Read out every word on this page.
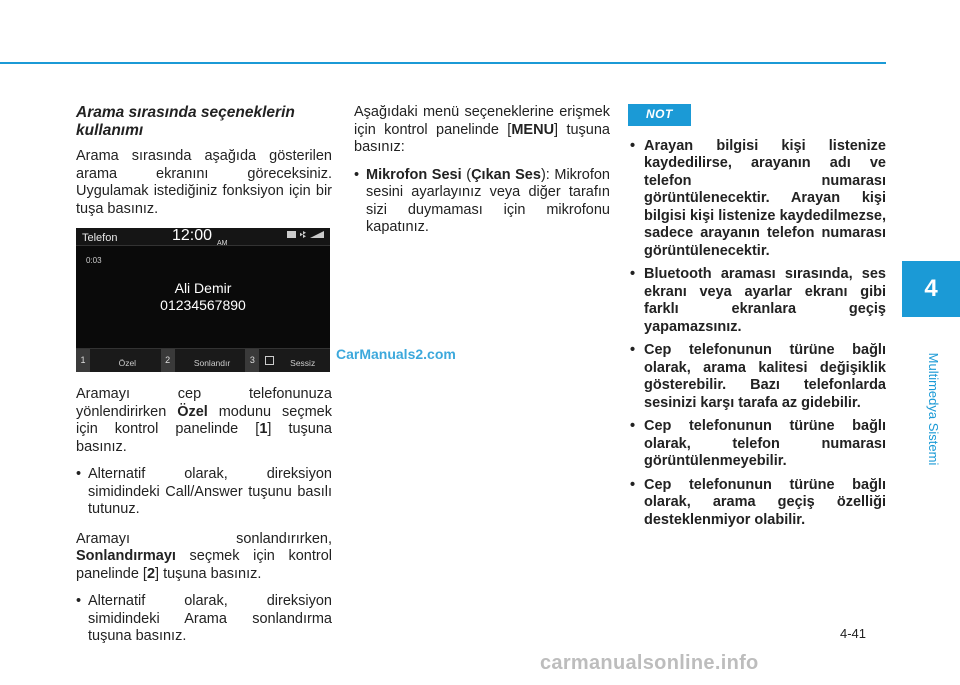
Arama sırasında seçeneklerin kullanımı

Arama sırasında aşağıda gösterilen arama ekranını göreceksiniz. Uygulamak istediğiniz fonksiyon için bir tuşa basınız.

Telefon	12:00 AM
0:03
Ali Demir
01234567890
1	Özel	2	Sonlandır	3	Sessiz

Aramayı cep telefonunuza yönlendirirken Özel modunu seçmek için kontrol panelinde [1] tuşuna basınız.

• Alternatif olarak, direksiyon simidindeki Call/Answer tuşunu basılı tutunuz.

Aramayı sonlandırırken, Sonlandırmayı seçmek için kontrol panelinde [2] tuşuna basınız.

• Alternatif olarak, direksiyon simidindeki Arama sonlandırma tuşuna basınız.

Aşağıdaki menü seçeneklerine erişmek için kontrol panelinde [MENU] tuşuna basınız:

• Mikrofon Sesi (Çıkan Ses): Mikrofon sesini ayarlayınız veya diğer tarafın sizi duymaması için mikrofonu kapatınız.
NOT
• Arayan bilgisi kişi listenize kaydedilirse, arayanın adı ve telefon numarası görüntülenecektir. Arayan kişi bilgisi kişi listenize kaydedilmezse, sadece arayanın telefon numarası görüntülenecektir.
• Bluetooth araması sırasında, ses ekranı veya ayarlar ekranı gibi farklı ekranlara geçiş yapamazsınız.
• Cep telefonunun türüne bağlı olarak, arama kalitesi değişiklik gösterebilir. Bazı telefonlarda sesinizi karşı tarafa az gidebilir.
• Cep telefonunun türüne bağlı olarak, telefon numarası görüntülenmeyebilir.
• Cep telefonunun türüne bağlı olarak, arama geçiş özelliği desteklenmiyor olabilir.
4
Multimedya Sistemi
4-41
CarManuals2.com
carmanualsonline.info
